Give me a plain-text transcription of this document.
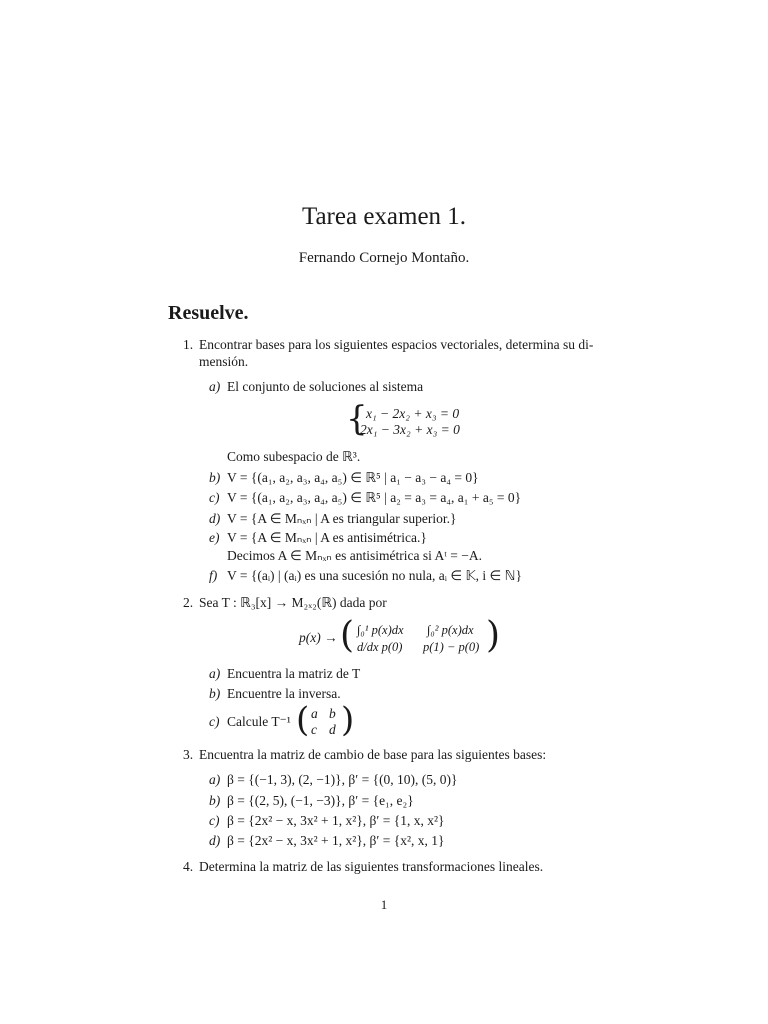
Tarea examen 1.
Fernando Cornejo Montaño.
Resuelve.
1. Encontrar bases para los siguientes espacios vectoriales, determina su di-
mensión.
a) El conjunto de soluciones al sistema
{
x₁ − 2x₂ + x₃ = 0
2x₁ − 3x₂ + x₃ = 0
Como subespacio de ℝ³.
b) V = {(a₁, a₂, a₃, a₄, a₅) ∈ ℝ⁵ | a₁ − a₃ − a₄ = 0}
c) V = {(a₁, a₂, a₃, a₄, a₅) ∈ ℝ⁵ | a₂ = a₃ = a₄, a₁ + a₅ = 0}
d) V = {A ∈ Mₙₓₙ | A es triangular superior.}
e) V = {A ∈ Mₙₓₙ | A es antisimétrica.}
Decimos A ∈ Mₙₓₙ es antisimétrica si Aᵗ = −A.
f) V = {(aᵢ) | (aᵢ) es una sucesión no nula, aᵢ ∈ 𝕂, i ∈ ℕ}
2. Sea T : ℝ₃[x] → M₂ₓ₂(ℝ) dada por
p(x) → ( ∫₀¹ p(x)dx ∫₀² p(x)dx
d/dx p(0) p(1) − p(0) )
a) Encuentra la matriz de T
b) Encuentre la inversa.
c) Calcule T⁻¹ ( a b
c d )
3. Encuentra la matriz de cambio de base para las siguientes bases:
a) β = {(−1, 3), (2, −1)}, β′ = {(0, 10), (5, 0)}
b) β = {(2, 5), (−1, −3)}, β′ = {e₁, e₂}
c) β = {2x² − x, 3x² + 1, x²}, β′ = {1, x, x²}
d) β = {2x² − x, 3x² + 1, x²}, β′ = {x², x, 1}
4. Determina la matriz de las siguientes transformaciones lineales.
1
